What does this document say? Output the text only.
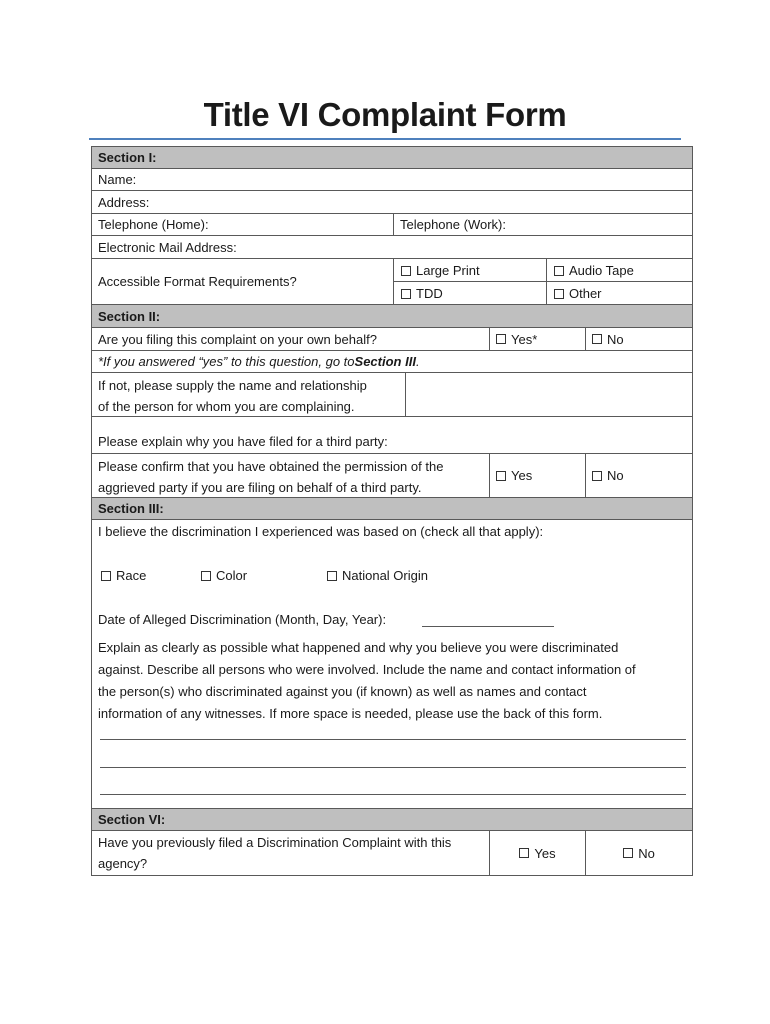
Title VI Complaint Form
Section I:
Name:
Address:
Telephone (Home):	Telephone (Work):
Electronic Mail Address:
Accessible Format Requirements?
Large Print	Audio Tape
TDD	Other
Section II:
Are you filing this complaint on your own behalf?	Yes*	No
*If you answered “yes” to this question, go to Section III .
If not, please supply the name and relationship
of the person for whom you are complaining.
Please explain why you have filed for a third party:
Please confirm that you have obtained the permission of the
aggrieved party if you are filing on behalf of a third party.
Yes	No
Section III:
I believe the discrimination I experienced was based on (check all that apply):
Race	Color	National Origin
Date of Alleged Discrimination (Month, Day, Year):
Explain as clearly as possible what happened and why you believe you were discriminated
against. Describe all persons who were involved. Include the name and contact information of
the person(s) who discriminated against you (if known) as well as names and contact
information of any witnesses. If more space is needed, please use the back of this form.
Section VI:
Have you previously filed a Discrimination Complaint with this
agency?
Yes	No
